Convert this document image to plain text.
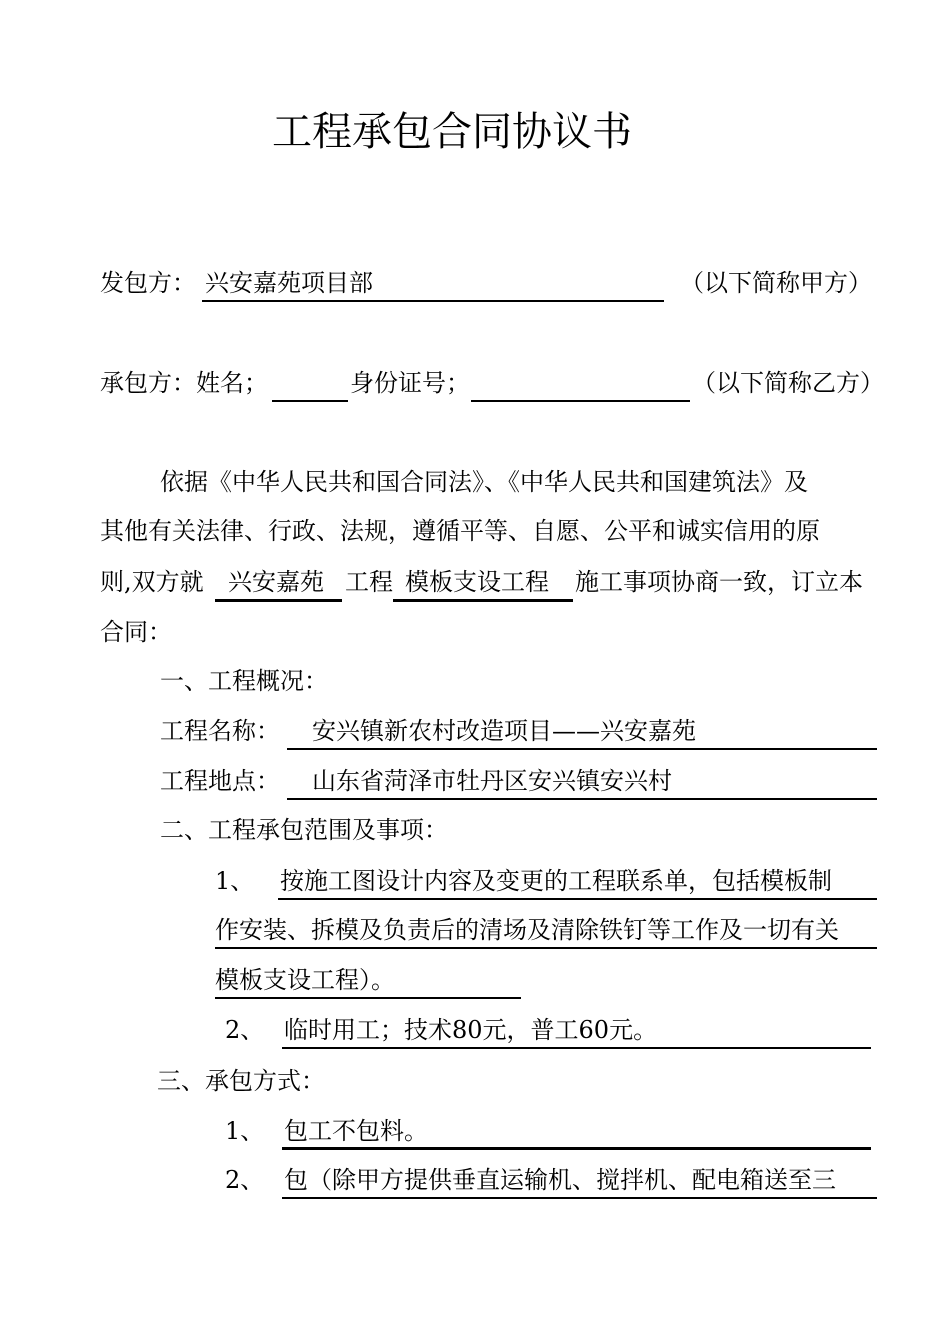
工程承包合同协议书
发包方： 兴安嘉苑项目部	（以下简称甲方）
承包方：姓名；	身份证号；	（以下简称乙方）
依据《中华人民共和国合同法》、《中华人民共和国建筑法》及
其他有关法律、行政、法规，遵循平等、自愿、公平和诚实信用的原
则,双方就 兴安嘉苑 工程 模板支设工程 施工事项协商一致，订立本
合同：
一、工程概况：
工程名称： 安兴镇新农村改造项目——兴安嘉苑
工程地点： 山东省菏泽市牡丹区安兴镇安兴村
二、工程承包范围及事项：
1、 按施工图设计内容及变更的工程联系单，包括模板制
作安装、拆模及负责后的清场及清除铁钉等工作及一切有关
模板支设工程）。
2、 临时用工；技术80元，普工60元。
三、承包方式：
1、 包工不包料。
2、 包（除甲方提供垂直运输机、搅拌机、配电箱送至三
